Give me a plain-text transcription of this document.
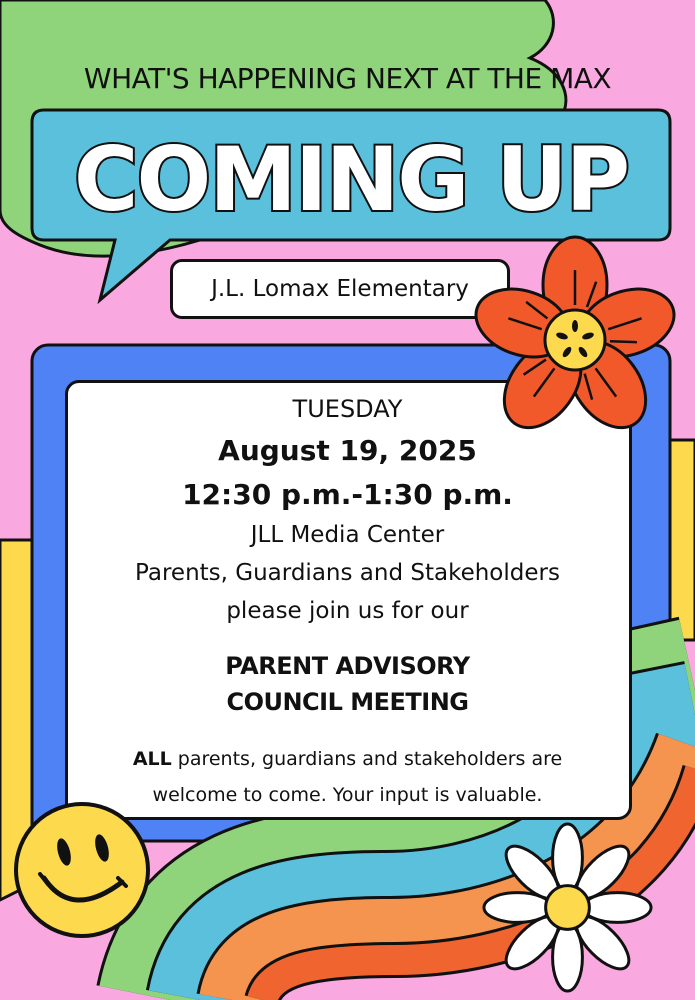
WHAT'S HAPPENING NEXT AT THE MAX
COMING UP
J.L. Lomax Elementary
TUESDAY
August 19, 2025
12:30 p.m.-1:30 p.m.
JLL Media Center
Parents, Guardians and Stakeholders
please join us for our
PARENT ADVISORY
COUNCIL MEETING
ALL parents, guardians and stakeholders are
welcome to come. Your input is valuable.
